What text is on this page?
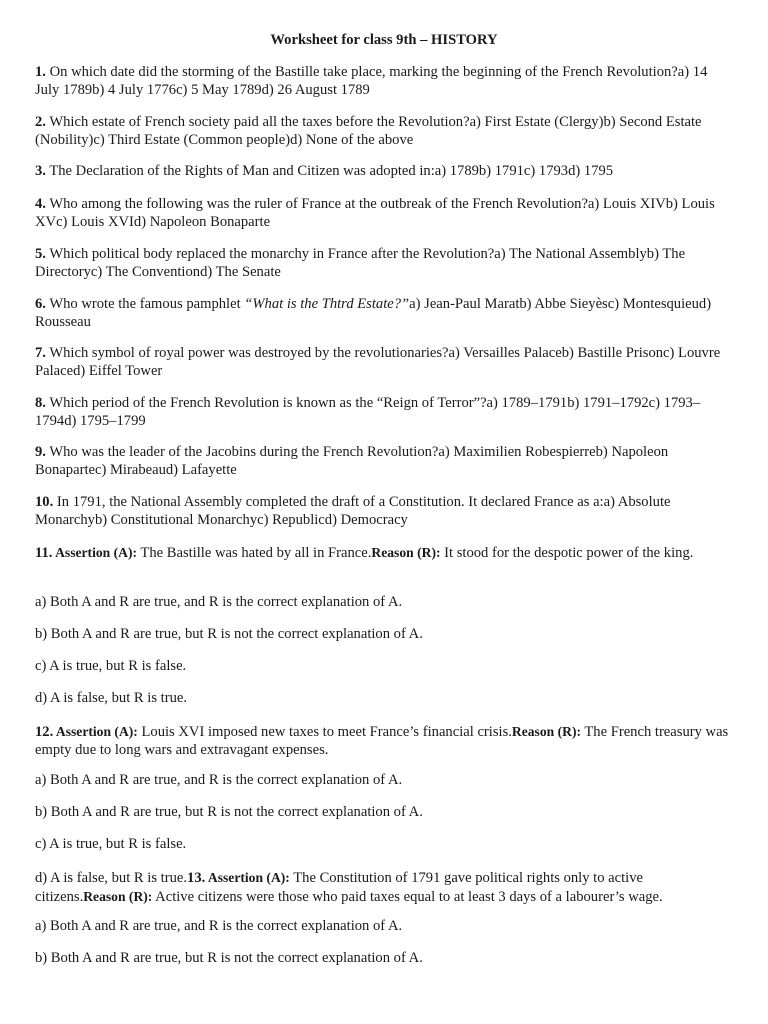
Worksheet for class 9th – HISTORY

1. On which date did the storming of the Bastille take place, marking the beginning of the French Revolution?a) 14 July 1789b) 4 July 1776c) 5 May 1789d) 26 August 1789

2. Which estate of French society paid all the taxes before the Revolution?a) First Estate (Clergy)b) Second Estate (Nobility)c) Third Estate (Common people)d) None of the above

3. The Declaration of the Rights of Man and Citizen was adopted in:a) 1789b) 1791c) 1793d) 1795

4. Who among the following was the ruler of France at the outbreak of the French Revolution?a) Louis XIVb) Louis XVc) Louis XVId) Napoleon Bonaparte

5. Which political body replaced the monarchy in France after the Revolution?a) The National Assemblyb) The Directoryc) The Conventiond) The Senate

6. Who wrote the famous pamphlet “What is the Thtrd Estate?”a) Jean-Paul Maratb) Abbe Sieyèsc) Montesquieud) Rousseau

7. Which symbol of royal power was destroyed by the revolutionaries?a) Versailles Palaceb) Bastille Prisonc) Louvre Palaced) Eiffel Tower

8. Which period of the French Revolution is known as the “Reign of Terror”?a) 1789–1791b) 1791–1792c) 1793–1794d) 1795–1799

9. Who was the leader of the Jacobins during the French Revolution?a) Maximilien Robespierreb) Napoleon Bonapartec) Mirabeaud) Lafayette

10. In 1791, the National Assembly completed the draft of a Constitution. It declared France as a:a) Absolute Monarchyb) Constitutional Monarchyc) Republicd) Democracy

11. Assertion (A): The Bastille was hated by all in France.Reason (R): It stood for the despotic power of the king.

a) Both A and R are true, and R is the correct explanation of A.

b) Both A and R are true, but R is not the correct explanation of A.

c) A is true, but R is false.

d) A is false, but R is true.

12. Assertion (A): Louis XVI imposed new taxes to meet France’s financial crisis.Reason (R): The French treasury was empty due to long wars and extravagant expenses.

a) Both A and R are true, and R is the correct explanation of A.

b) Both A and R are true, but R is not the correct explanation of A.

c) A is true, but R is false.

d) A is false, but R is true.13. Assertion (A): The Constitution of 1791 gave political rights only to active citizens.Reason (R): Active citizens were those who paid taxes equal to at least 3 days of a labourer’s wage.

a) Both A and R are true, and R is the correct explanation of A.

b) Both A and R are true, but R is not the correct explanation of A.
